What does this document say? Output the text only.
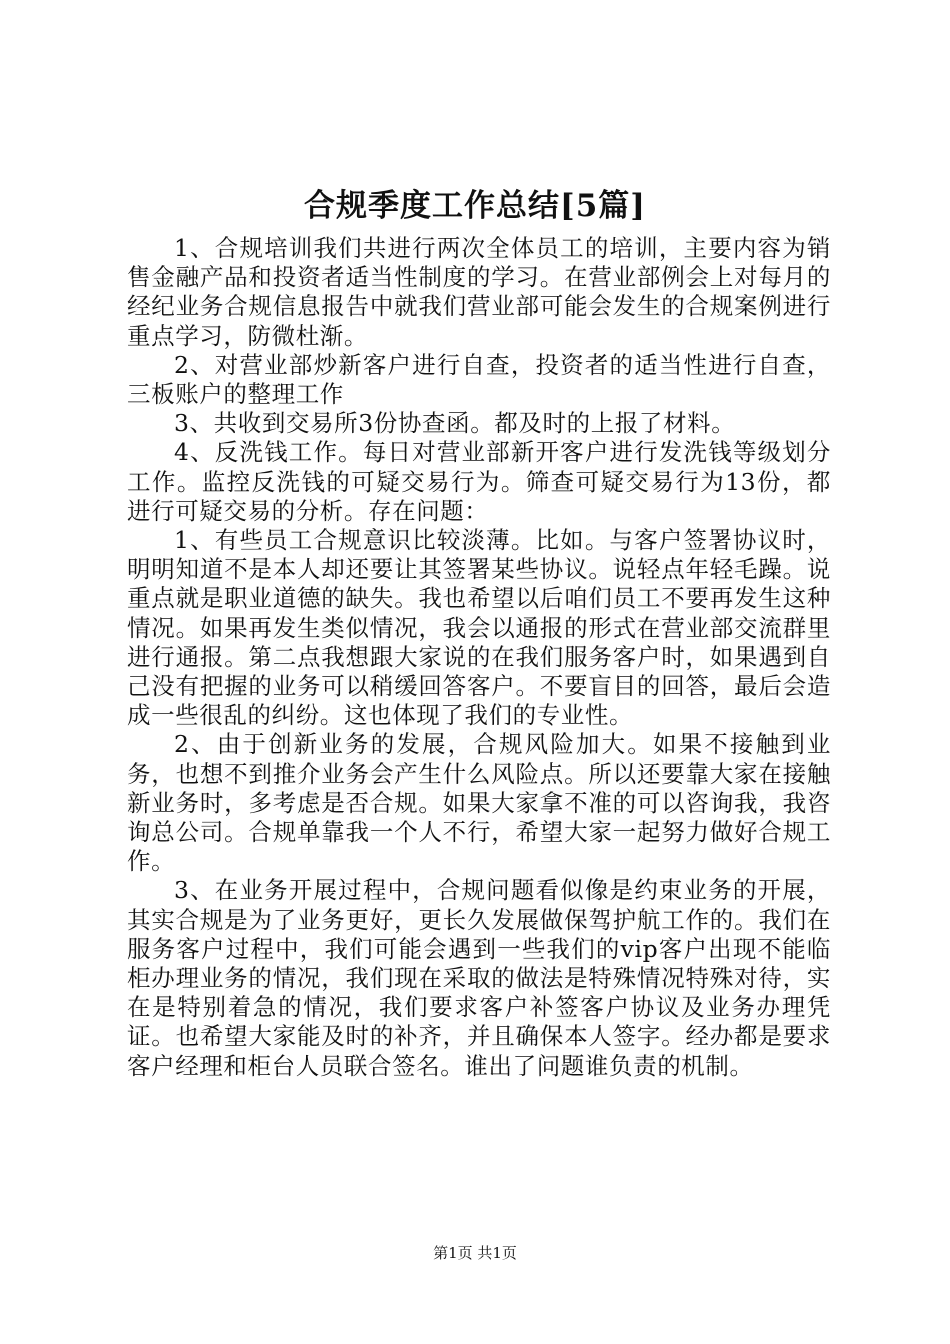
合规季度工作总结[5篇]

1、合规培训我们共进行两次全体员工的培训，主要内容为销售金融产品和投资者适当性制度的学习。在营业部例会上对每月的经纪业务合规信息报告中就我们营业部可能会发生的合规案例进行重点学习，防微杜渐。

2、对营业部炒新客户进行自查，投资者的适当性进行自查，三板账户的整理工作

3、共收到交易所3份协查函。都及时的上报了材料。

4、反洗钱工作。每日对营业部新开客户进行发洗钱等级划分工作。监控反洗钱的可疑交易行为。筛查可疑交易行为13份，都进行可疑交易的分析。存在问题：

1、有些员工合规意识比较淡薄。比如。与客户签署协议时，明明知道不是本人却还要让其签署某些协议。说轻点年轻毛躁。说重点就是职业道德的缺失。我也希望以后咱们员工不要再发生这种情况。如果再发生类似情况，我会以通报的形式在营业部交流群里进行通报。第二点我想跟大家说的在我们服务客户时，如果遇到自己没有把握的业务可以稍缓回答客户。不要盲目的回答，最后会造成一些很乱的纠纷。这也体现了我们的专业性。

2、由于创新业务的发展，合规风险加大。如果不接触到业务，也想不到推介业务会产生什么风险点。所以还要靠大家在接触新业务时，多考虑是否合规。如果大家拿不准的可以咨询我，我咨询总公司。合规单靠我一个人不行，希望大家一起努力做好合规工作。

3、在业务开展过程中，合规问题看似像是约束业务的开展，其实合规是为了业务更好，更长久发展做保驾护航工作的。我们在服务客户过程中，我们可能会遇到一些我们的vip客户出现不能临柜办理业务的情况，我们现在采取的做法是特殊情况特殊对待，实在是特别着急的情况，我们要求客户补签客户协议及业务办理凭证。也希望大家能及时的补齐，并且确保本人签字。经办都是要求客户经理和柜台人员联合签名。谁出了问题谁负责的机制。

第1页 共1页
